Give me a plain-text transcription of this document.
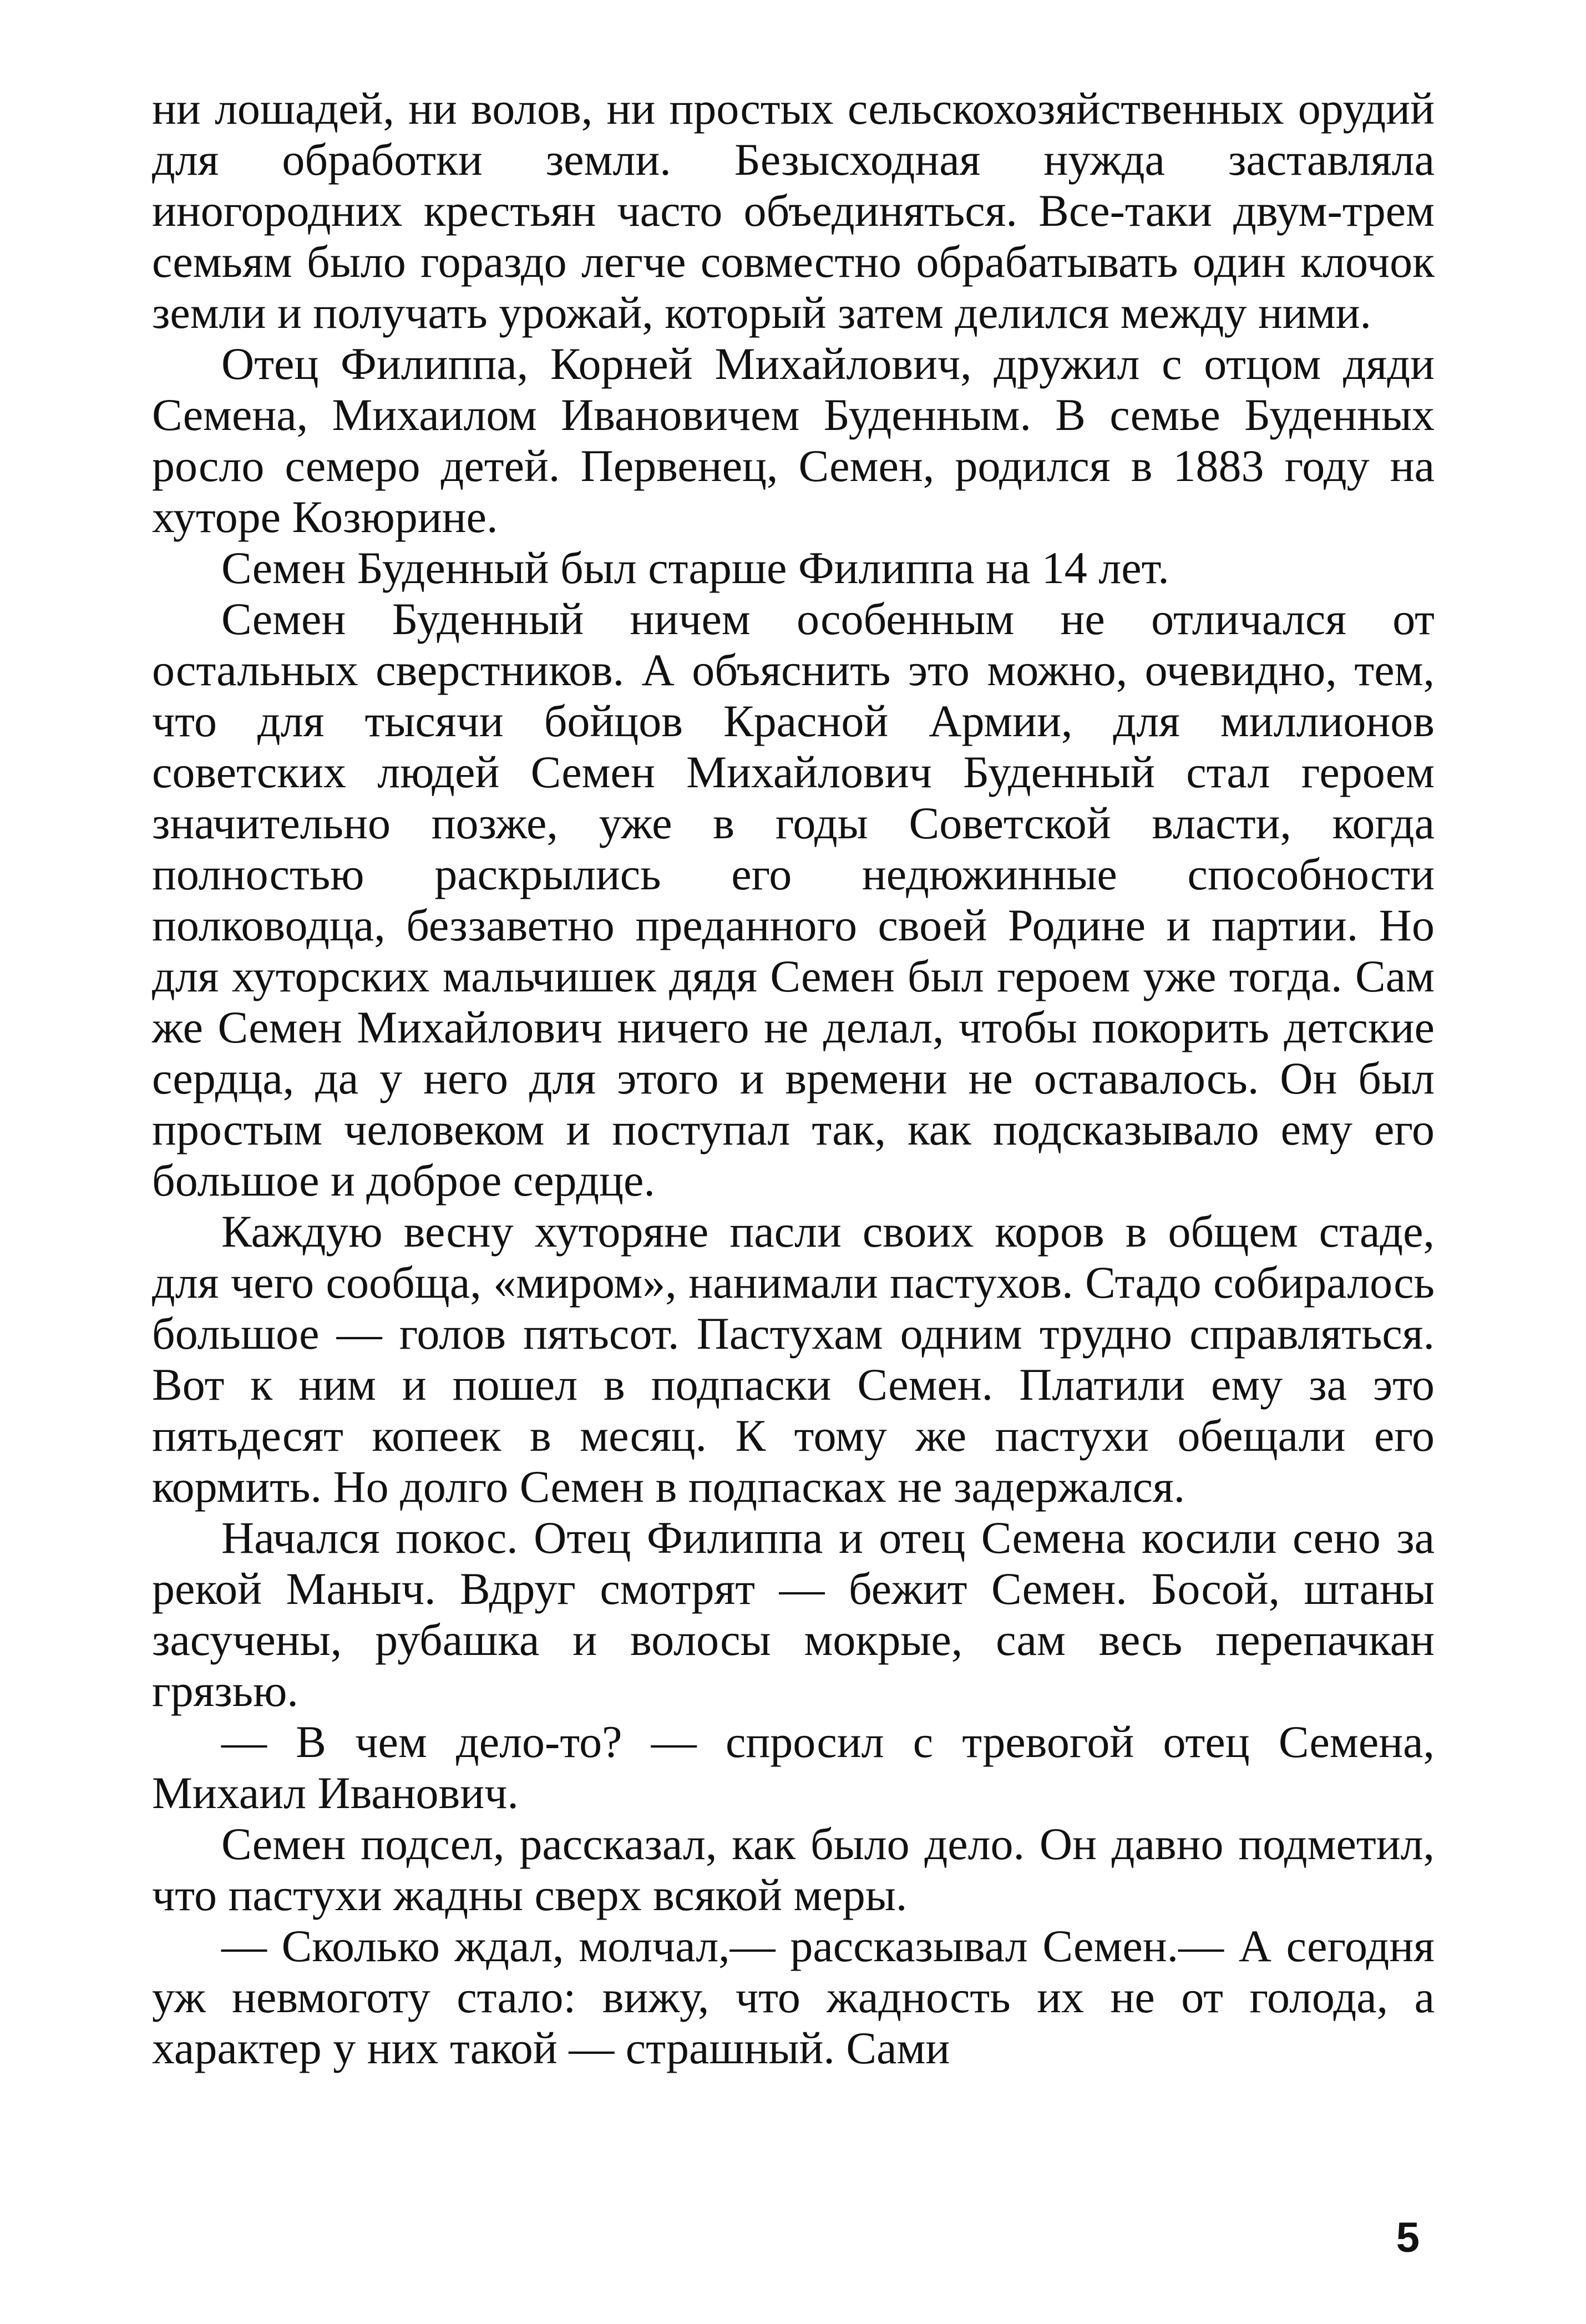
ни лошадей, ни волов, ни простых сельскохозяйственных орудий для обработки земли. Безысходная нужда заставляла иногородних крестьян часто объединяться. Все-таки двум-трем семьям было гораздо легче совместно обрабатывать один клочок земли и получать урожай, который затем делился между ними.

Отец Филиппа, Корней Михайлович, дружил с отцом дяди Семена, Михаилом Ивановичем Буденным. В семье Буденных росло семеро детей. Первенец, Семен, родился в 1883 году на хуторе Козюрине.

Семен Буденный был старше Филиппа на 14 лет.

Семен Буденный ничем особенным не отличался от остальных сверстников. А объяснить это можно, очевидно, тем, что для тысячи бойцов Красной Армии, для миллионов советских людей Семен Михайлович Буденный стал героем значительно позже, уже в годы Советской власти, когда полностью раскрылись его недюжинные способности полководца, беззаветно преданного своей Родине и партии. Но для хуторских мальчишек дядя Семен был героем уже тогда. Сам же Семен Михайлович ничего не делал, чтобы покорить детские сердца, да у него для этого и времени не оставалось. Он был простым человеком и поступал так, как подсказывало ему его большое и доброе сердце.

Каждую весну хуторяне пасли своих коров в общем стаде, для чего сообща, «миром», нанимали пастухов. Стадо собиралось большое — голов пятьсот. Пастухам одним трудно справляться. Вот к ним и пошел в подпаски Семен. Платили ему за это пятьдесят копеек в месяц. К тому же пастухи обещали его кормить. Но долго Семен в подпасках не задержался.

Начался покос. Отец Филиппа и отец Семена косили сено за рекой Маныч. Вдруг смотрят — бежит Семен. Босой, штаны засучены, рубашка и волосы мокрые, сам весь перепачкан грязью.

— В чем дело-то? — спросил с тревогой отец Семена, Михаил Иванович.

Семен подсел, рассказал, как было дело. Он давно подметил, что пастухи жадны сверх всякой меры.

— Сколько ждал, молчал,— рассказывал Семен.— А сегодня уж невмоготу стало: вижу, что жадность их не от голода, а характер у них такой — страшный. Сами

5
